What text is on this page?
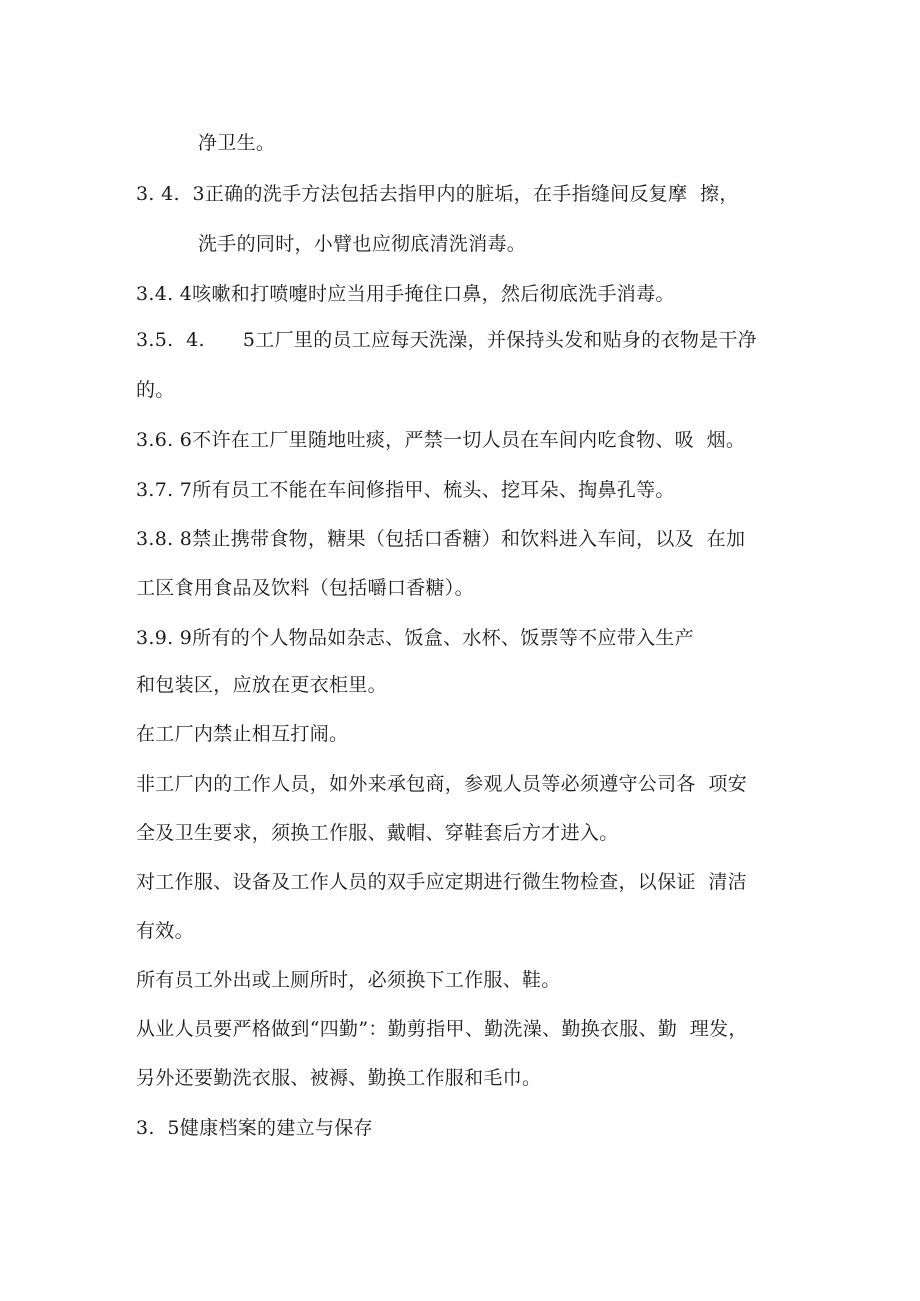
净卫生。
3. 4.  3正确的洗手方法包括去指甲内的脏垢，在手指缝间反复摩  擦，
洗手的同时，小臂也应彻底清洗消毒。
3.4. 4咳嗽和打喷嚏时应当用手掩住口鼻，然后彻底洗手消毒。
3.5.  4.      5工厂里的员工应每天洗澡，并保持头发和贴身的衣物是干净
的。
3.6. 6不许在工厂里随地吐痰，严禁一切人员在车间内吃食物、吸  烟。
3.7. 7所有员工不能在车间修指甲、梳头、挖耳朵、掏鼻孔等。
3.8. 8禁止携带食物，糖果（包括口香糖）和饮料进入车间，以及  在加
工区食用食品及饮料（包括嚼口香糖）。
3.9. 9所有的个人物品如杂志、饭盒、水杯、饭票等不应带入生产
和包装区，应放在更衣柜里。
在工厂内禁止相互打闹。
非工厂内的工作人员，如外来承包商，参观人员等必须遵守公司各  项安
全及卫生要求，须换工作服、戴帽、穿鞋套后方才进入。
对工作服、设备及工作人员的双手应定期进行微生物检查，以保证  清洁
有效。
所有员工外出或上厕所时，必须换下工作服、鞋。
从业人员要严格做到“四勤”：勤剪指甲、勤洗澡、勤换衣服、勤  理发，
另外还要勤洗衣服、被褥、勤换工作服和毛巾。
3.  5健康档案的建立与保存
